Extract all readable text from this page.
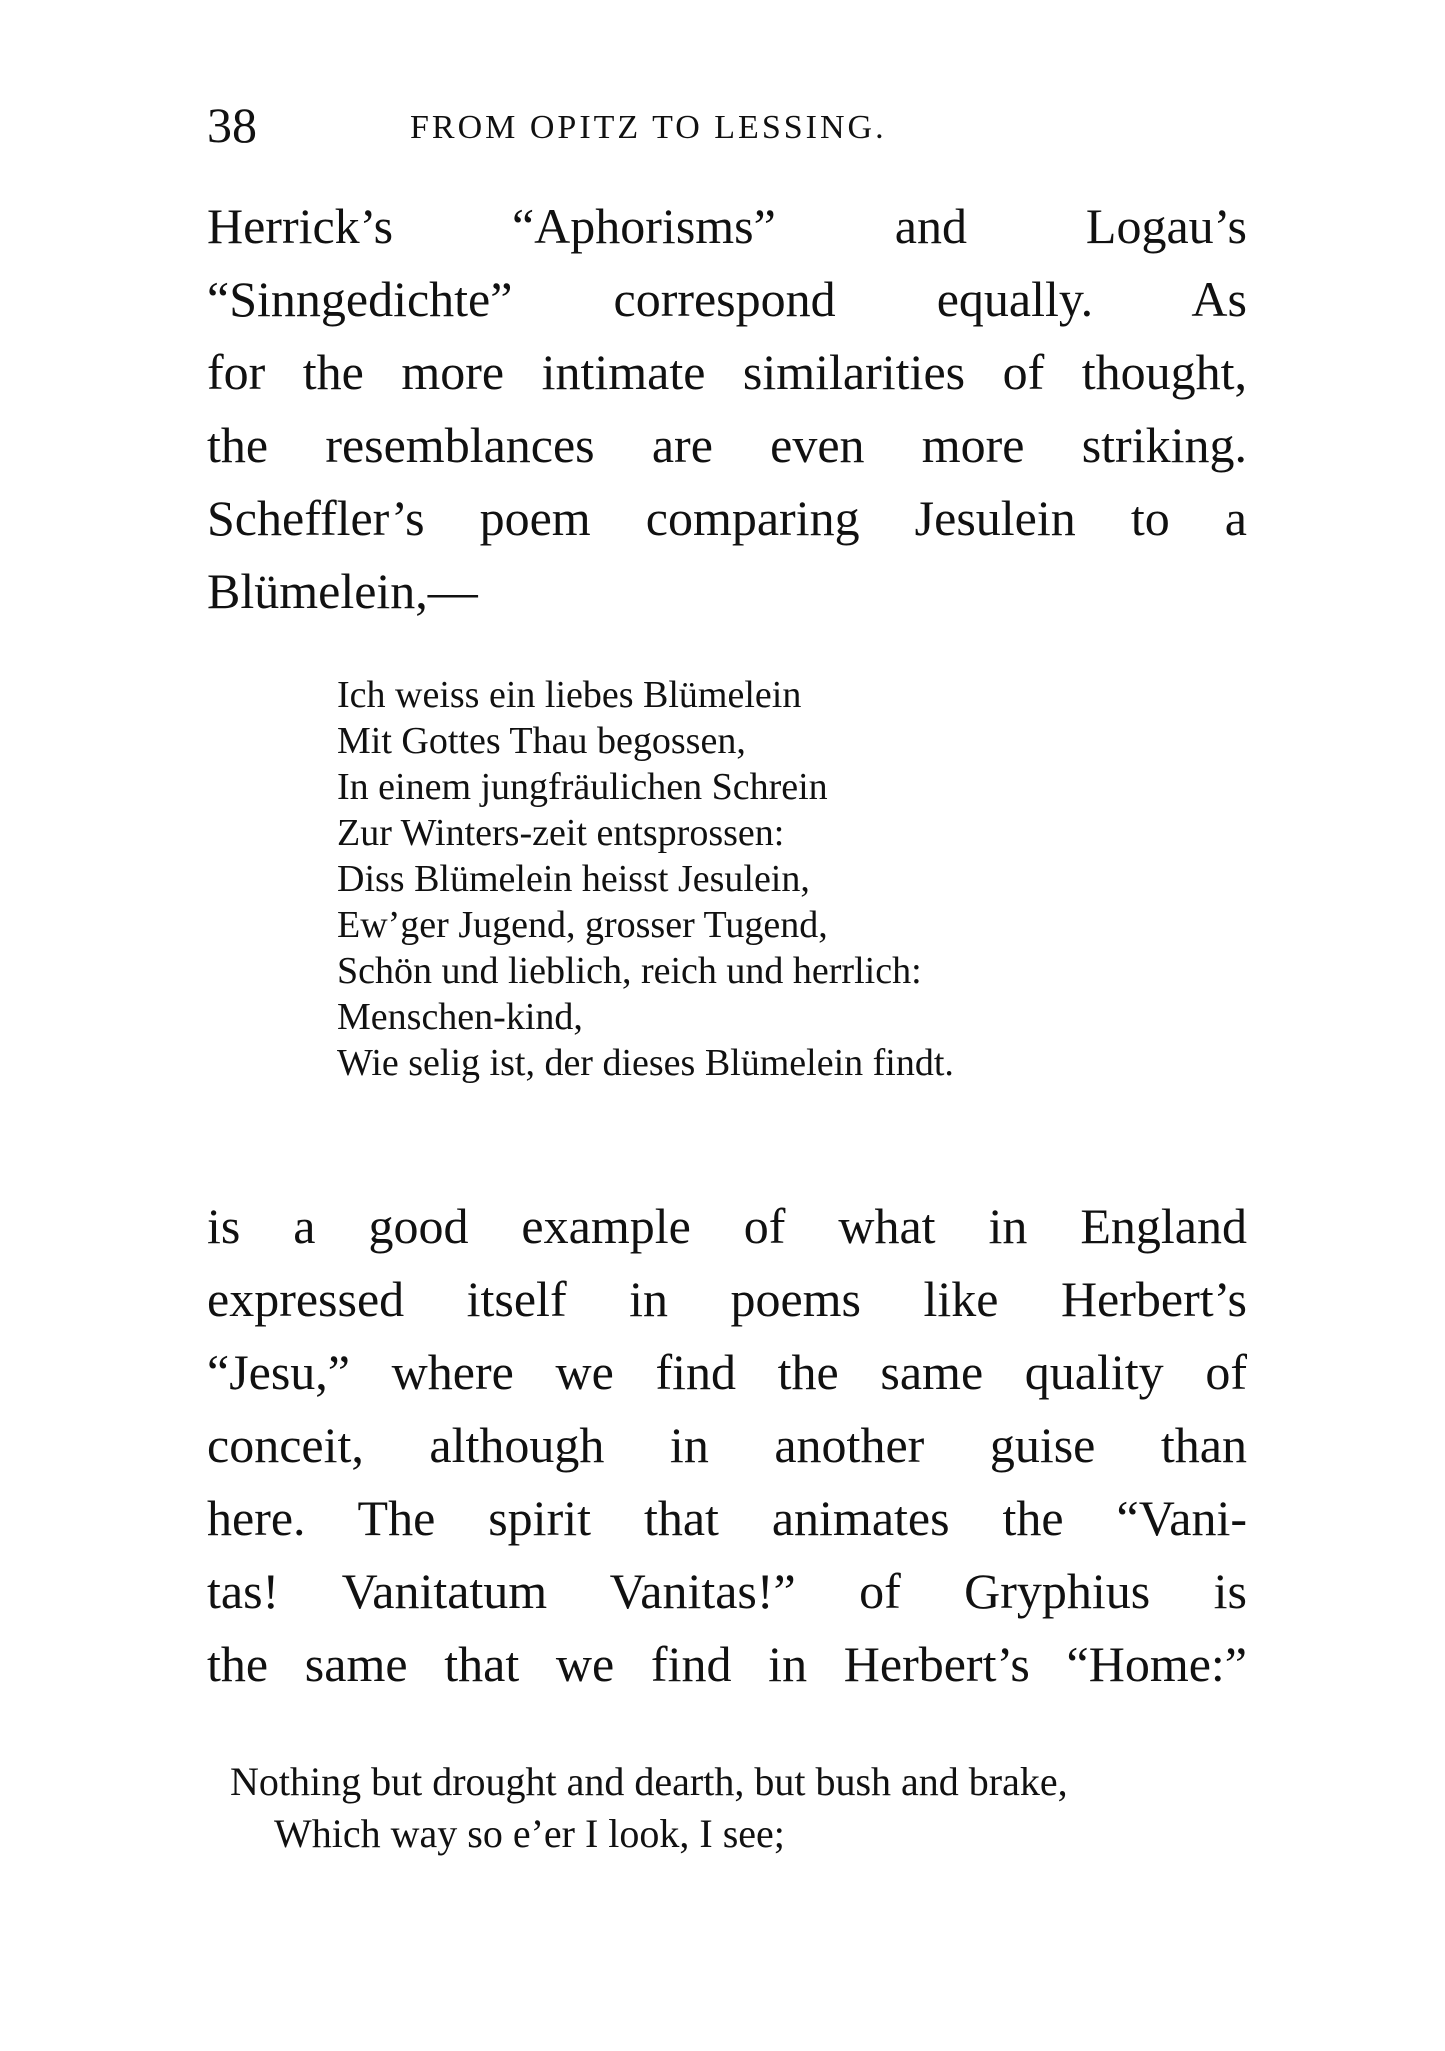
38	FROM OPITZ TO LESSING.
Herrick’s “Aphorisms” and Logau’s
“Sinngedichte” correspond equally. As
for the more intimate similarities of thought,
the resemblances are even more striking.
Scheffler’s poem comparing Jesulein to a
Blümelein,—
Ich weiss ein liebes Blümelein
Mit Gottes Thau begossen,
In einem jungfräulichen Schrein
Zur Winters-zeit entsprossen:
Diss Blümelein heisst Jesulein,
Ew’ger Jugend, grosser Tugend,
Schön und lieblich, reich und herrlich:
Menschen-kind,
Wie selig ist, der dieses Blümelein findt.
is a good example of what in England
expressed itself in poems like Herbert’s
“Jesu,” where we find the same quality of
conceit, although in another guise than
here. The spirit that animates the “Vani-
tas! Vanitatum Vanitas!” of Gryphius is
the same that we find in Herbert’s “Home:”
Nothing but drought and dearth, but bush and brake,
Which way so e’er I look, I see;
